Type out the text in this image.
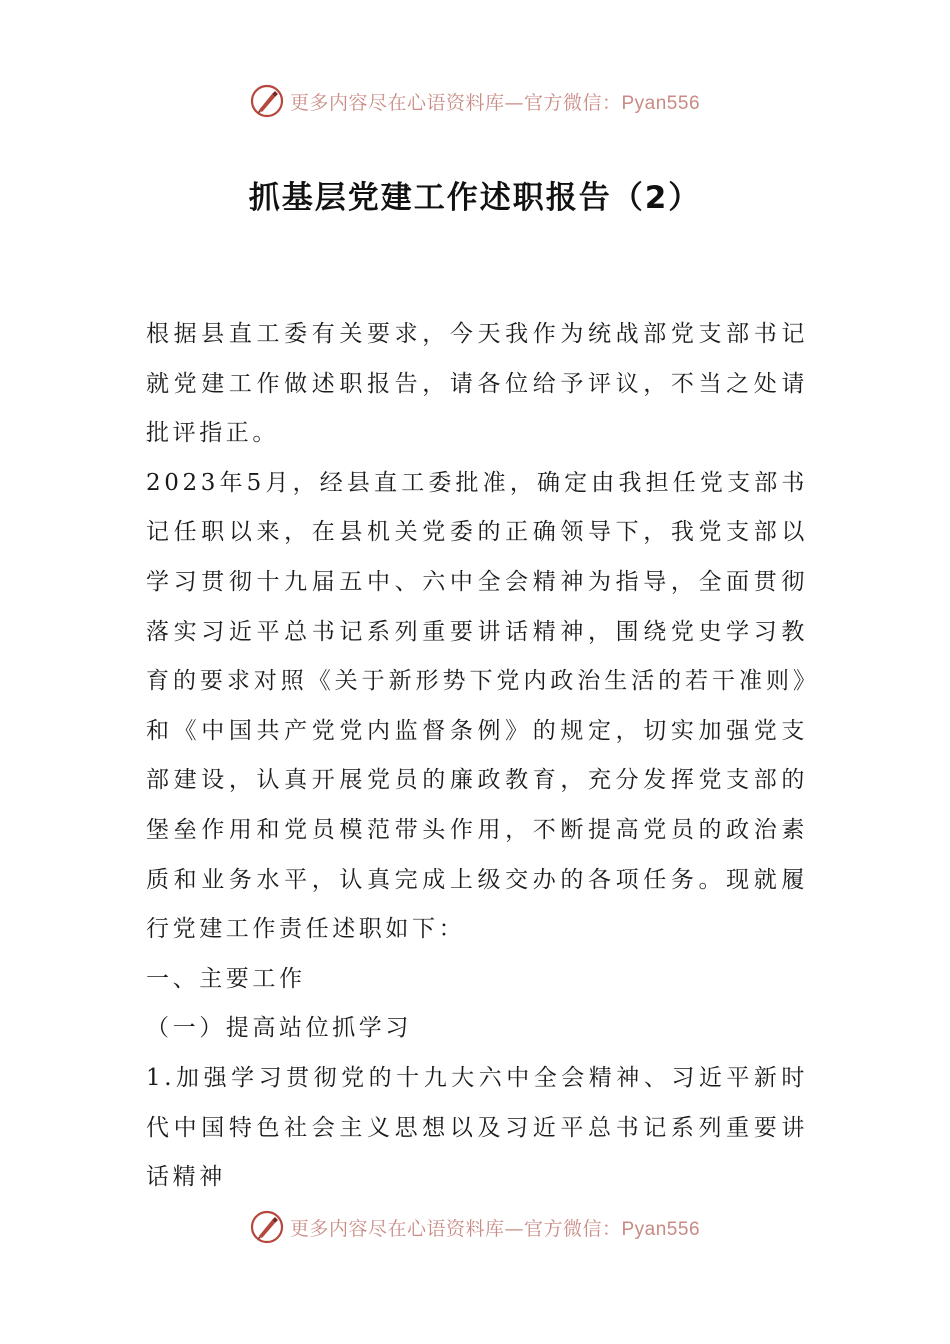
更多内容尽在心语资料库—官方微信：Pyan556
抓基层党建工作述职报告（2）

根据县直工委有关要求，今天我作为统战部党支部书记就党建工作做述职报告，请各位给予评议，不当之处请批评指正。

2023年5月，经县直工委批准，确定由我担任党支部书记任职以来，在县机关党委的正确领导下，我党支部以学习贯彻十九届五中、六中全会精神为指导，全面贯彻落实习近平总书记系列重要讲话精神，围绕党史学习教育的要求对照《关于新形势下党内政治生活的若干准则》和《中国共产党党内监督条例》的规定，切实加强党支部建设，认真开展党员的廉政教育，充分发挥党支部的堡垒作用和党员模范带头作用，不断提高党员的政治素质和业务水平，认真完成上级交办的各项任务。现就履行党建工作责任述职如下：

一、主要工作

（一）提高站位抓学习

1.加强学习贯彻党的十九大六中全会精神、习近平新时代中国特色社会主义思想以及习近平总书记系列重要讲话精神

更多内容尽在心语资料库—官方微信：Pyan556
